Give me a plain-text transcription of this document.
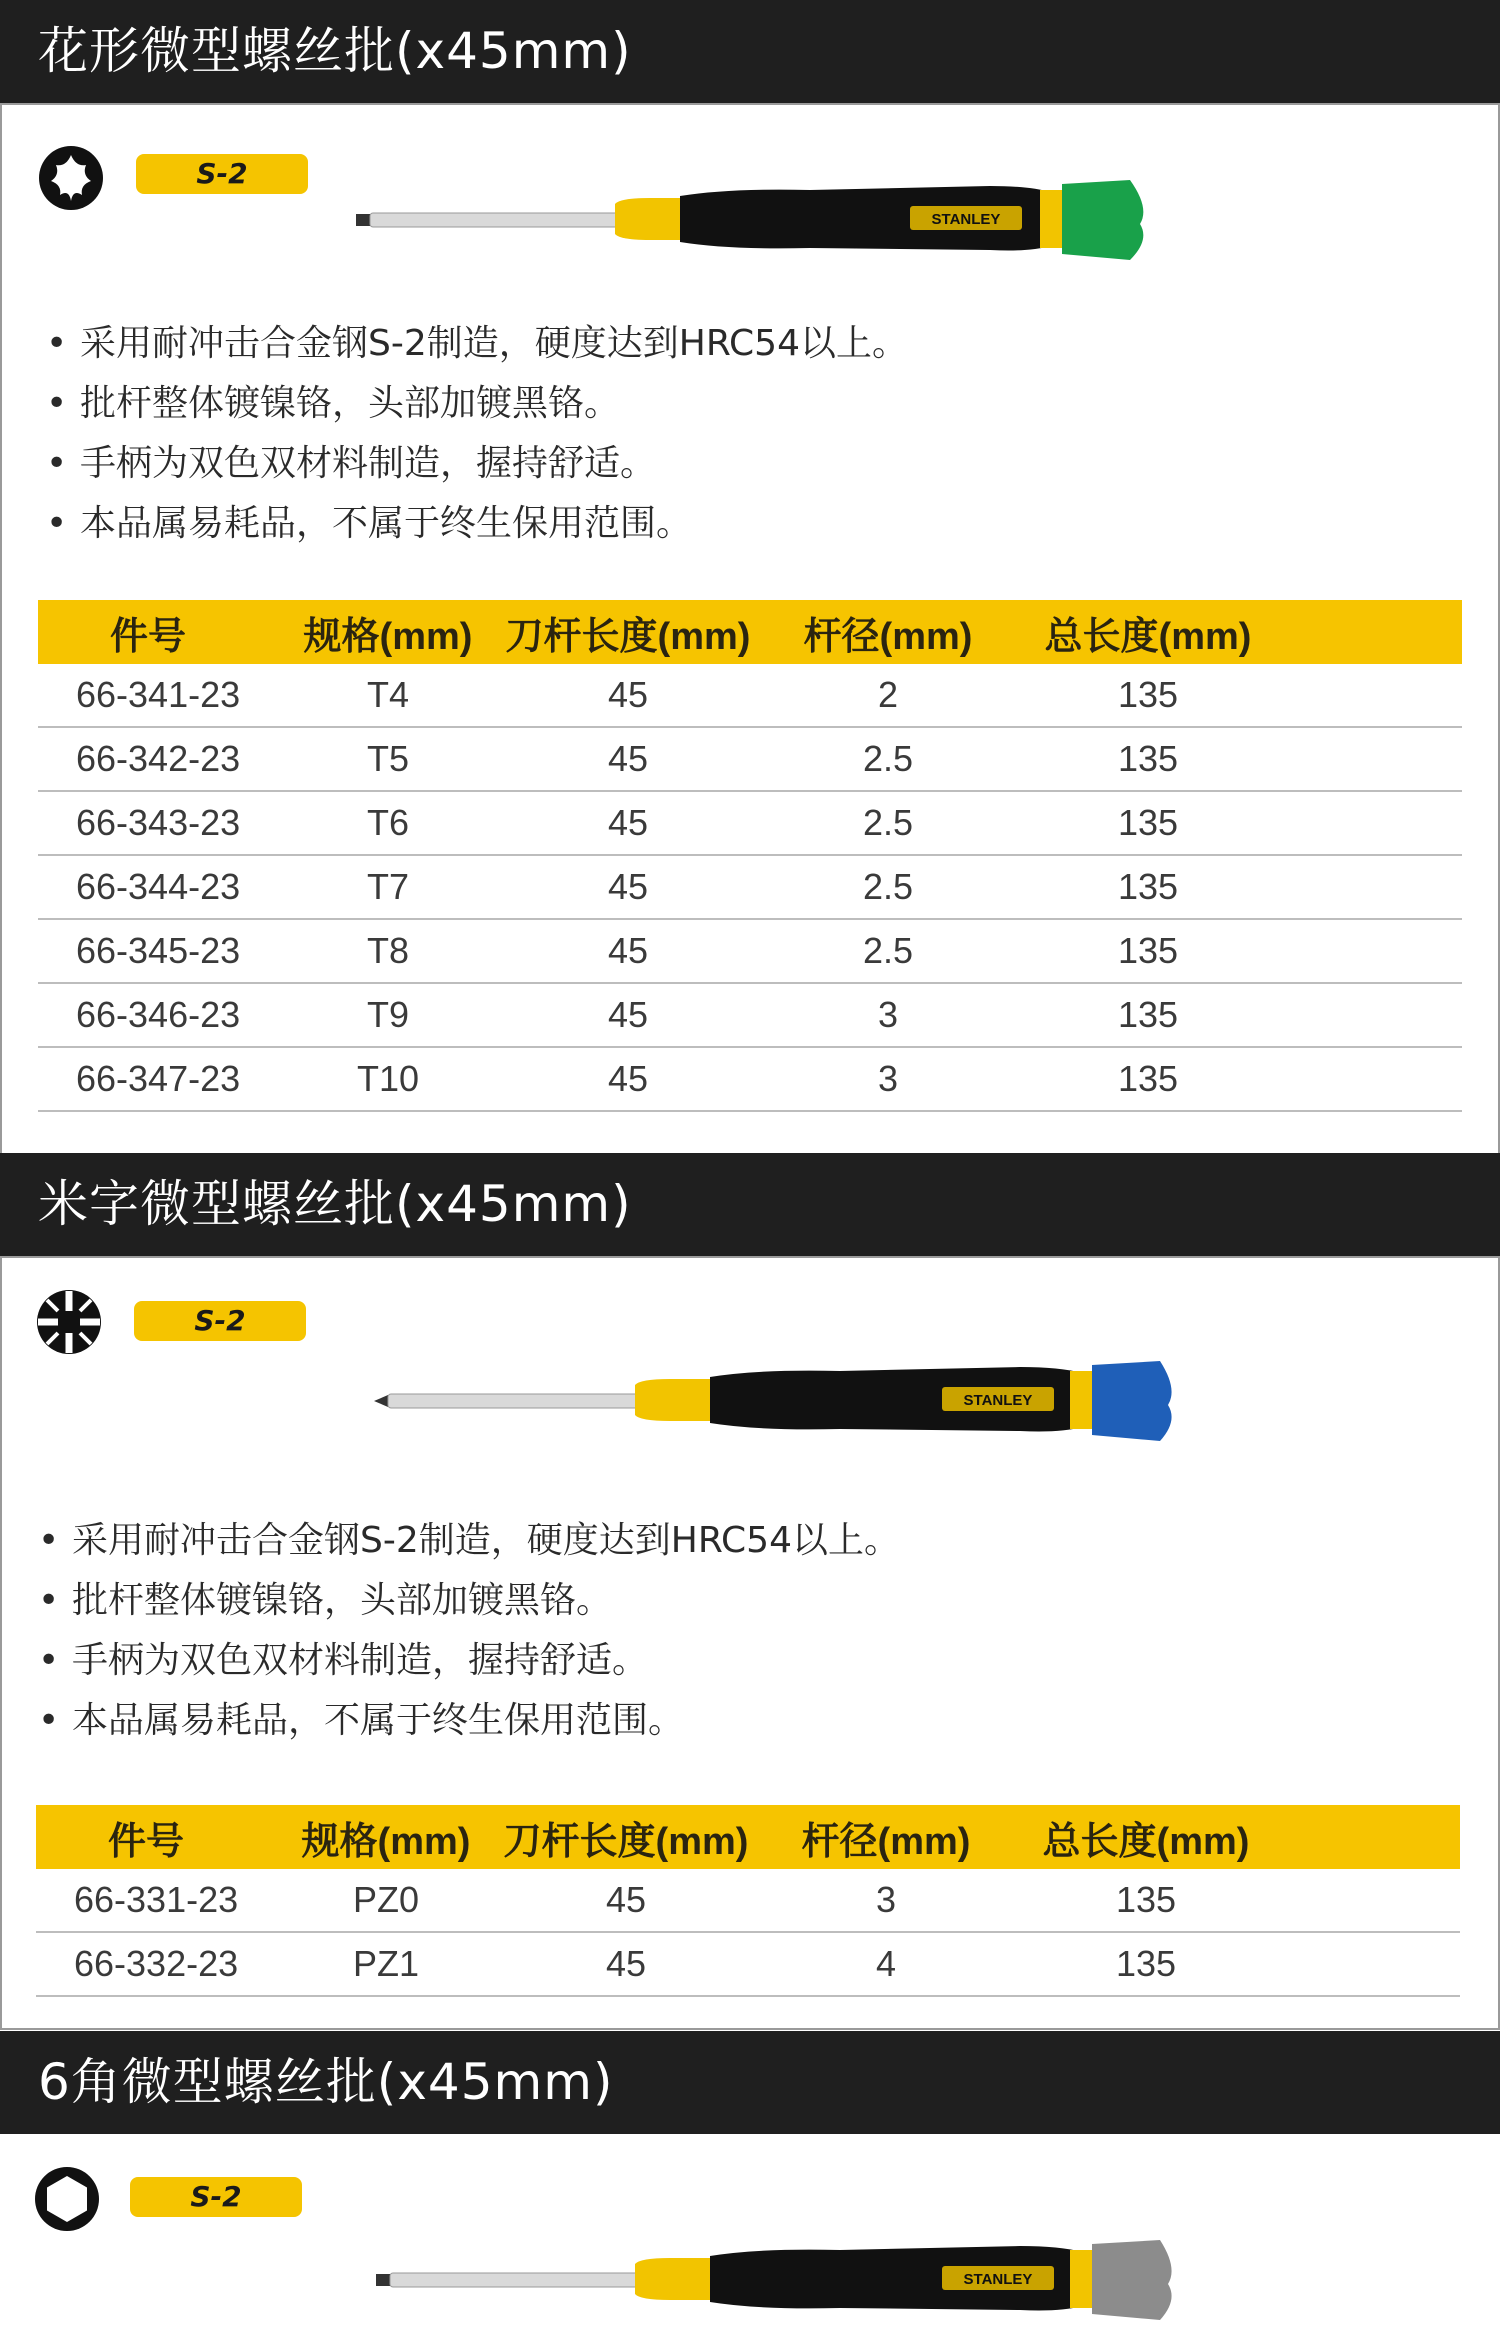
花形微型螺丝批(x45mm)
S-2
STANLEY
• 采用耐冲击合金钢S-2制造，硬度达到HRC54以上。
• 批杆整体镀镍铬，头部加镀黑铬。
• 手柄为双色双材料制造，握持舒适。
• 本品属易耗品，不属于终生保用范围。
件号	规格(mm)	刀杆长度(mm)	杆径(mm)	总长度(mm)	
66-341-23	T4	45	2	135	
66-342-23	T5	45	2.5	135	
66-343-23	T6	45	2.5	135	
66-344-23	T7	45	2.5	135	
66-345-23	T8	45	2.5	135	
66-346-23	T9	45	3	135	
66-347-23	T10	45	3	135	
米字微型螺丝批(x45mm)
S-2
STANLEY
• 采用耐冲击合金钢S-2制造，硬度达到HRC54以上。
• 批杆整体镀镍铬，头部加镀黑铬。
• 手柄为双色双材料制造，握持舒适。
• 本品属易耗品，不属于终生保用范围。
件号	规格(mm)	刀杆长度(mm)	杆径(mm)	总长度(mm)	
66-331-23	PZ0	45	3	135	
66-332-23	PZ1	45	4	135	
6角微型螺丝批(x45mm)
S-2
STANLEY
